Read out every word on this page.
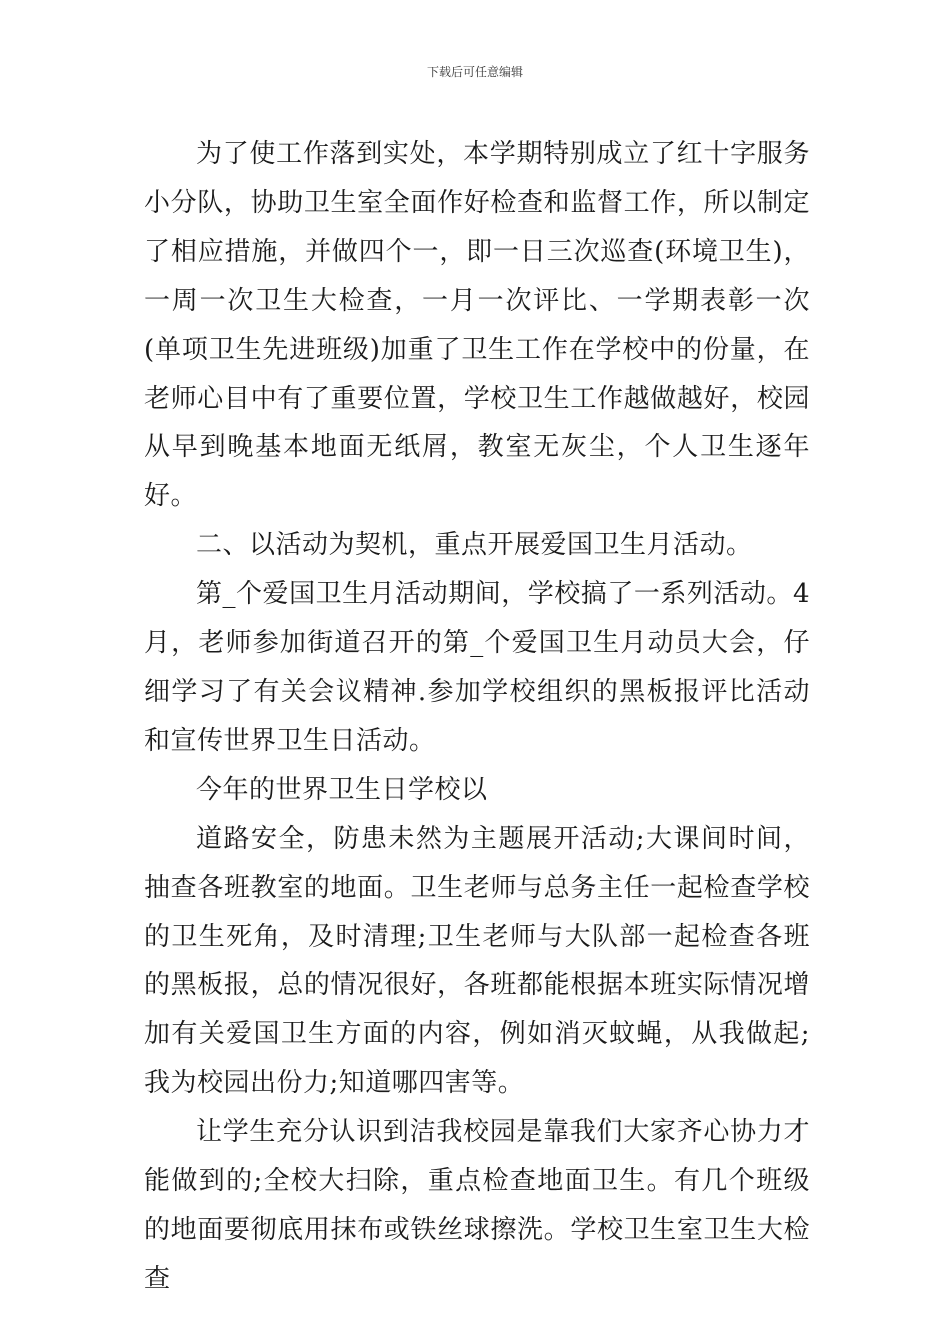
下载后可任意编辑

为了使工作落到实处，本学期特别成立了红十字服务小分队，协助卫生室全面作好检查和监督工作，所以制定了相应措施，并做四个一，即一日三次巡查(环境卫生)，一周一次卫生大检查，一月一次评比、一学期表彰一次(单项卫生先进班级)加重了卫生工作在学校中的份量，在老师心目中有了重要位置，学校卫生工作越做越好，校园从早到晚基本地面无纸屑，教室无灰尘，个人卫生逐年好。

二、以活动为契机，重点开展爱国卫生月活动。

第_个爱国卫生月活动期间，学校搞了一系列活动。4月，老师参加街道召开的第_个爱国卫生月动员大会，仔细学习了有关会议精神.参加学校组织的黑板报评比活动和宣传世界卫生日活动。

今年的世界卫生日学校以

道路安全，防患未然为主题展开活动;大课间时间，抽查各班教室的地面。卫生老师与总务主任一起检查学校的卫生死角，及时清理;卫生老师与大队部一起检查各班的黑板报，总的情况很好，各班都能根据本班实际情况增加有关爱国卫生方面的内容，例如消灭蚊蝇，从我做起;我为校园出份力;知道哪四害等。

让学生充分认识到洁我校园是靠我们大家齐心协力才能做到的;全校大扫除，重点检查地面卫生。有几个班级的地面要彻底用抹布或铁丝球擦洗。学校卫生室卫生大检查
